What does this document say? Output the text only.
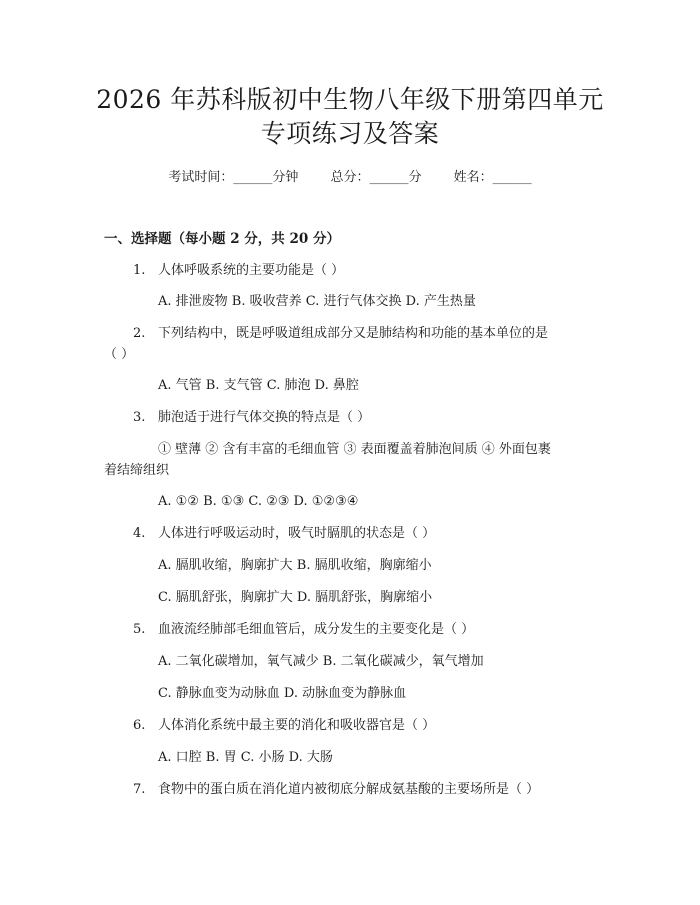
2026 年苏科版初中生物八年级下册第四单元
专项练习及答案
考试时间：______分钟 总分：______分 姓名：______
一、选择题（每小题 2 分，共 20 分）
1. 人体呼吸系统的主要功能是（ ）
A. 排泄废物 B. 吸收营养 C. 进行气体交换 D. 产生热量
2. 下列结构中，既是呼吸道组成部分又是肺结构和功能的基本单位的是
（ ）
A. 气管 B. 支气管 C. 肺泡 D. 鼻腔
3. 肺泡适于进行气体交换的特点是（ ）
① 壁薄 ② 含有丰富的毛细血管 ③ 表面覆盖着肺泡间质 ④ 外面包裹
着结缔组织
A. ①② B. ①③ C. ②③ D. ①②③④
4. 人体进行呼吸运动时，吸气时膈肌的状态是（ ）
A. 膈肌收缩，胸廓扩大 B. 膈肌收缩，胸廓缩小
C. 膈肌舒张，胸廓扩大 D. 膈肌舒张，胸廓缩小
5. 血液流经肺部毛细血管后，成分发生的主要变化是（ ）
A. 二氧化碳增加，氧气减少 B. 二氧化碳减少，氧气增加
C. 静脉血变为动脉血 D. 动脉血变为静脉血
6. 人体消化系统中最主要的消化和吸收器官是（ ）
A. 口腔 B. 胃 C. 小肠 D. 大肠
7. 食物中的蛋白质在消化道内被彻底分解成氨基酸的主要场所是（ ）
